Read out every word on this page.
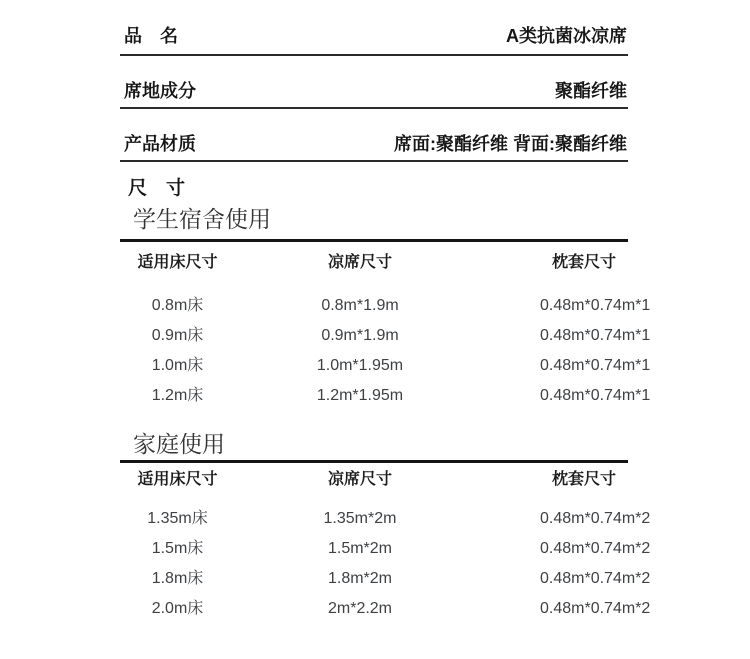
品　名	A类抗菌冰凉席
席地成分	聚酯纤维
产品材质	席面:聚酯纤维 背面:聚酯纤维
尺　寸
学生宿舍使用
适用床尺寸	凉席尺寸	枕套尺寸
0.8m床	0.8m*1.9m	0.48m*0.74m*1
0.9m床	0.9m*1.9m	0.48m*0.74m*1
1.0m床	1.0m*1.95m	0.48m*0.74m*1
1.2m床	1.2m*1.95m	0.48m*0.74m*1
家庭使用
适用床尺寸	凉席尺寸	枕套尺寸
1.35m床	1.35m*2m	0.48m*0.74m*2
1.5m床	1.5m*2m	0.48m*0.74m*2
1.8m床	1.8m*2m	0.48m*0.74m*2
2.0m床	2m*2.2m	0.48m*0.74m*2
